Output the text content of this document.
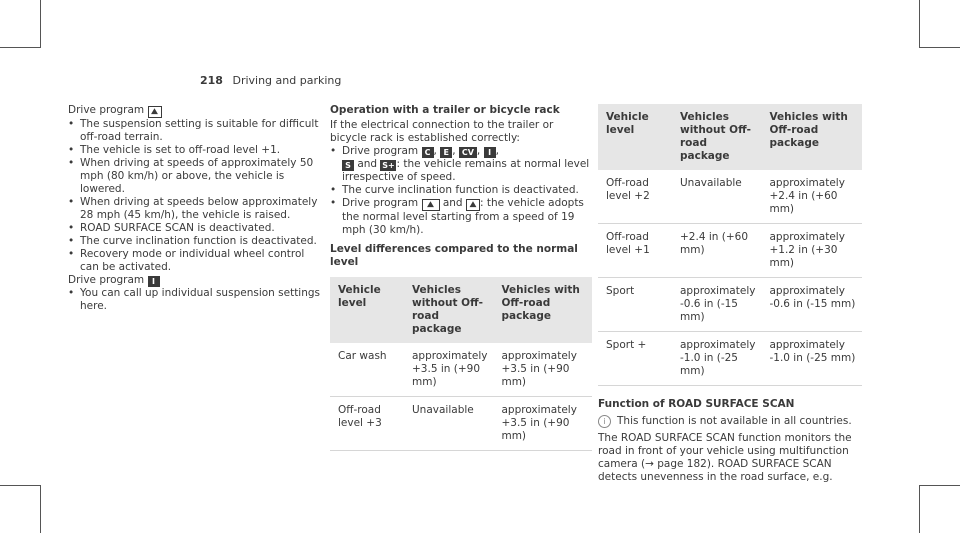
218 Driving and parking

Drive program ⛰

• The suspension setting is suitable for difficult off-road terrain.
• The vehicle is set to off-road level +1.
• When driving at speeds of approximately 50 mph (80 km/h) or above, the vehicle is lowered.
• When driving at speeds below approximately 28 mph (45 km/h), the vehicle is raised.
• ROAD SURFACE SCAN is deactivated.
• The curve inclination function is deactivated.
• Recovery mode or individual wheel control can be activated.

Drive program I

• You can call up individual suspension settings here.

Operation with a trailer or bicycle rack

If the electrical connection to the trailer or bicycle rack is established correctly:

• Drive program C , E , CV , I ,
S and S+ : the vehicle remains at normal level irrespective of speed.
• The curve inclination function is deactivated.
• Drive program ⛰ and ⛰ : the vehicle adopts the normal level starting from a speed of 19 mph (30 km/h).

Level differences compared to the normal level

Vehicle level	Vehicles without Off-road package	Vehicles with Off-road package
Car wash	approximately +3.5 in (+90 mm)	approximately +3.5 in (+90 mm)
Off-road level +3	Unavailable	approximately +3.5 in (+90 mm)
Vehicle level	Vehicles without Off-road package	Vehicles with Off-road package
Off-road level +2	Unavailable	approximately +2.4 in (+60 mm)
Off-road level +1	+2.4 in (+60 mm)	approximately +1.2 in (+30 mm)
Sport	approximately -0.6 in (-15 mm)	approximately -0.6 in (-15 mm)
Sport +	approximately -1.0 in (-25 mm)	approximately -1.0 in (-25 mm)

Function of ROAD SURFACE SCAN

i This function is not available in all countries.

The ROAD SURFACE SCAN function monitors the road in front of your vehicle using multifunction camera (→ page 182). ROAD SURFACE SCAN detects unevenness in the road surface, e.g.
